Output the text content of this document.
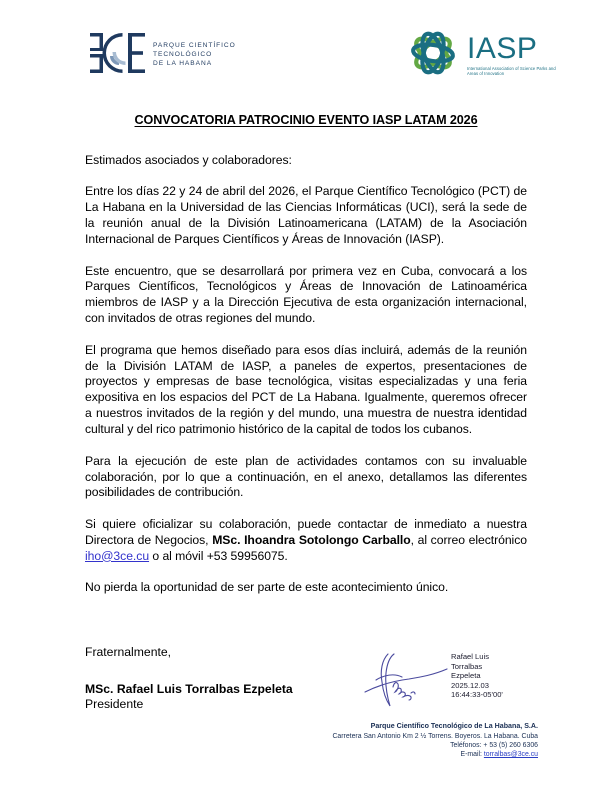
PARQUE CIENTÍFICO
TECNOLÓGICO
DE LA HABANA	IASP
International Association of Science Parks and Areas of Innovation
CONVOCATORIA PATROCINIO EVENTO IASP LATAM 2026

Estimados asociados y colaboradores:

Entre los días 22 y 24 de abril del 2026, el Parque Científico Tecnológico (PCT) de La Habana en la Universidad de las Ciencias Informáticas (UCI), será la sede de la reunión anual de la División Latinoamericana (LATAM) de la Asociación Internacional de Parques Científicos y Áreas de Innovación (IASP).

Este encuentro, que se desarrollará por primera vez en Cuba, convocará a los Parques Científicos, Tecnológicos y Áreas de Innovación de Latinoamérica miembros de IASP y a la Dirección Ejecutiva de esta organización internacional, con invitados de otras regiones del mundo.

El programa que hemos diseñado para esos días incluirá, además de la reunión de la División LATAM de IASP, a paneles de expertos, presentaciones de proyectos y empresas de base tecnológica, visitas especializadas y una feria expositiva en los espacios del PCT de La Habana. Igualmente, queremos ofrecer a nuestros invitados de la región y del mundo, una muestra de nuestra identidad cultural y del rico patrimonio histórico de la capital de todos los cubanos.

Para la ejecución de este plan de actividades contamos con su invaluable colaboración, por lo que a continuación, en el anexo, detallamos las diferentes posibilidades de contribución.

Si quiere oficializar su colaboración, puede contactar de inmediato a nuestra Directora de Negocios, MSc. Ihoandra Sotolongo Carballo, al correo electrónico iho@3ce.cu o al móvil +53 59956075.

No pierda la oportunidad de ser parte de este acontecimiento único.

Fraternalmente,
MSc. Rafael Luis Torralbas Ezpeleta
Presidente
Rafael Luis
Torralbas
Ezpeleta
2025.12.03
16:44:33-05'00'
Parque Científico Tecnológico de La Habana, S.A.
Carretera San Antonio Km 2 ½ Torrens. Boyeros. La Habana. Cuba
Teléfonos: + 53 (5) 260 6306
E-mail: torralbas@3ce.cu
